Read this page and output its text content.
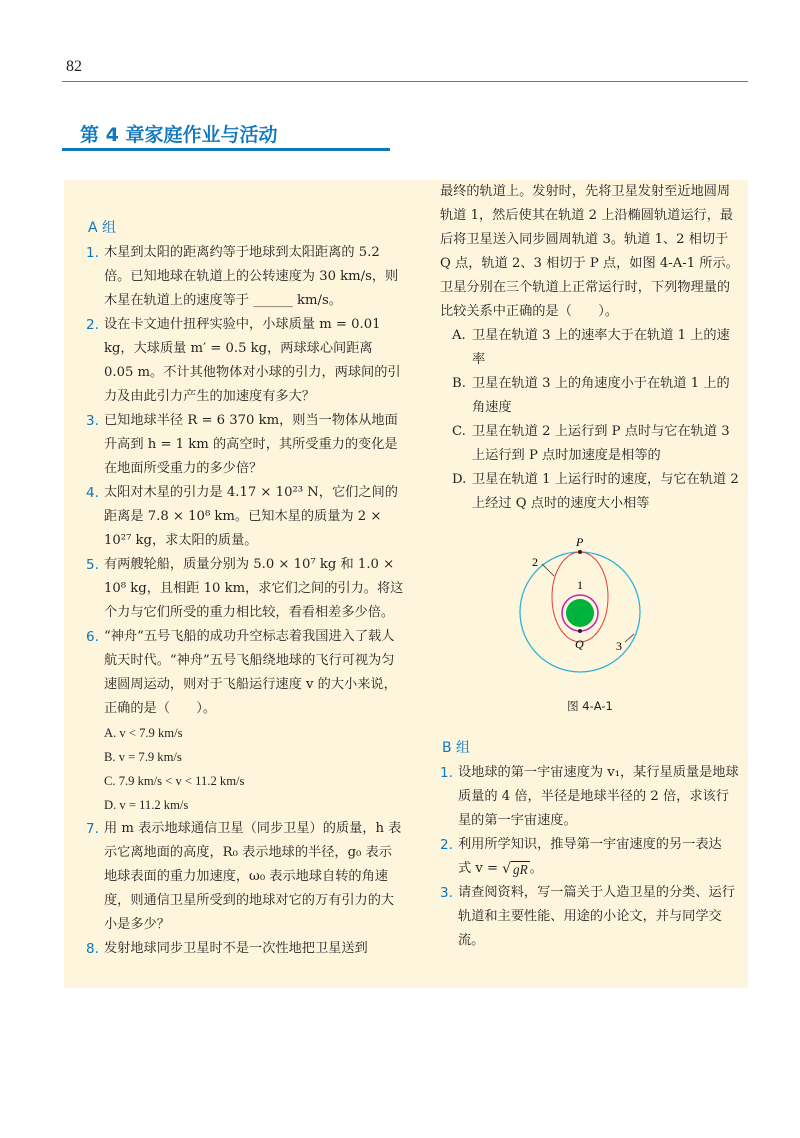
82
第 4 章家庭作业与活动
A 组
1. 木星到太阳的距离约等于地球到太阳距离的 5.2 倍。已知地球在轨道上的公转速度为 30 km/s，则木星在轨道上的速度等于 ______ km/s。
2. 设在卡文迪什扭秤实验中，小球质量 m = 0.01 kg，大球质量 m′ = 0.5 kg，两球球心间距离 0.05 m。不计其他物体对小球的引力，两球间的引力及由此引力产生的加速度有多大？
3. 已知地球半径 R = 6 370 km，则当一物体从地面升高到 h = 1 km 的高空时，其所受重力的变化是在地面所受重力的多少倍？
4. 太阳对木星的引力是 4.17 × 10²³ N，它们之间的距离是 7.8 × 10⁸ km。已知木星的质量为 2 × 10²⁷ kg，求太阳的质量。
5. 有两艘轮船，质量分别为 5.0 × 10⁷ kg 和 1.0 × 10⁸ kg，且相距 10 km，求它们之间的引力。将这个力与它们所受的重力相比较，看看相差多少倍。
6. “神舟”五号飞船的成功升空标志着我国进入了载人航天时代。“神舟”五号飞船绕地球的飞行可视为匀速圆周运动，则对于飞船运行速度 v 的大小来说，正确的是（　　）。
A. v < 7.9 km/s
B. v = 7.9 km/s
C. 7.9 km/s < v < 11.2 km/s
D. v = 11.2 km/s
7. 用 m 表示地球通信卫星（同步卫星）的质量，h 表示它离地面的高度，R₀ 表示地球的半径，g₀ 表示地球表面的重力加速度，ω₀ 表示地球自转的角速度，则通信卫星所受到的地球对它的万有引力的大小是多少？
8. 发射地球同步卫星时不是一次性地把卫星送到

最终的轨道上。发射时，先将卫星发射至近地圆周轨道 1，然后使其在轨道 2 上沿椭圆轨道运行，最后将卫星送入同步圆周轨道 3。轨道 1、2 相切于 Q 点，轨道 2、3 相切于 P 点，如图 4-A-1 所示。卫星分别在三个轨道上正常运行时，下列物理量的比较关系中正确的是（　　）。

A. 卫星在轨道 3 上的速率大于在轨道 1 上的速率
B. 卫星在轨道 3 上的角速度小于在轨道 1 上的角速度
C. 卫星在轨道 2 上运行到 P 点时与它在轨道 3 上运行到 P 点时加速度是相等的
D. 卫星在轨道 1 上运行时的速度，与它在轨道 2 上经过 Q 点时的速度大小相等
P
Q
1
2
3
图 4-A-1
B 组
1. 设地球的第一宇宙速度为 v₁，某行星质量是地球质量的 4 倍，半径是地球半径的 2 倍，求该行星的第一宇宙速度。
2. 利用所学知识，推导第一宇宙速度的另一表达
式 v = √ gR 。
3. 请查阅资料，写一篇关于人造卫星的分类、运行轨道和主要性能、用途的小论文，并与同学交流。
